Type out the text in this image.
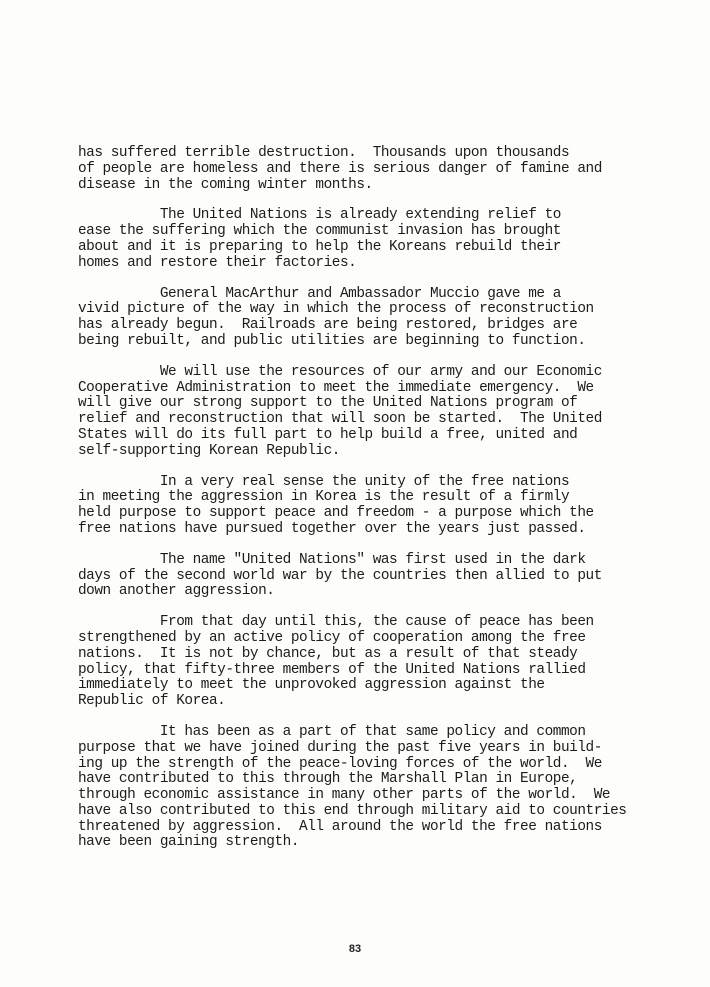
has suffered terrible destruction.  Thousands upon thousands
of people are homeless and there is serious danger of famine and
disease in the coming winter months.
The United Nations is already extending relief to
ease the suffering which the communist invasion has brought
about and it is preparing to help the Koreans rebuild their
homes and restore their factories.
General MacArthur and Ambassador Muccio gave me a
vivid picture of the way in which the process of reconstruction
has already begun.  Railroads are being restored, bridges are
being rebuilt, and public utilities are beginning to function.
We will use the resources of our army and our Economic
Cooperative Administration to meet the immediate emergency.  We
will give our strong support to the United Nations program of
relief and reconstruction that will soon be started.  The United
States will do its full part to help build a free, united and
self-supporting Korean Republic.
In a very real sense the unity of the free nations
in meeting the aggression in Korea is the result of a firmly
held purpose to support peace and freedom - a purpose which the
free nations have pursued together over the years just passed.
The name "United Nations" was first used in the dark
days of the second world war by the countries then allied to put
down another aggression.
From that day until this, the cause of peace has been
strengthened by an active policy of cooperation among the free
nations.  It is not by chance, but as a result of that steady
policy, that fifty-three members of the United Nations rallied
immediately to meet the unprovoked aggression against the
Republic of Korea.
It has been as a part of that same policy and common
purpose that we have joined during the past five years in build-
ing up the strength of the peace-loving forces of the world.  We
have contributed to this through the Marshall Plan in Europe,
through economic assistance in many other parts of the world.  We
have also contributed to this end through military aid to countries
threatened by aggression.  All around the world the free nations
have been gaining strength.
83
